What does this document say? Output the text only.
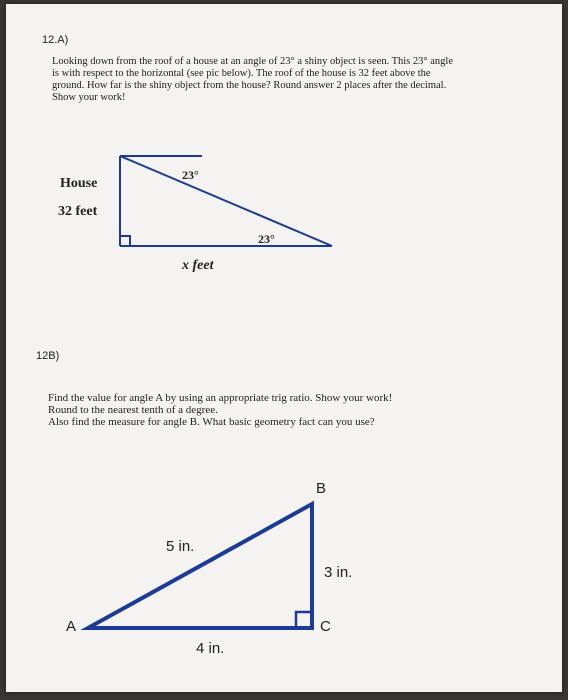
12.A)
Looking down from the roof of a house at an angle of 23° a shiny object is seen. This 23° angle
is with respect to the horizontal (see pic below). The roof of the house is 32 feet above the
ground. How far is the shiny object from the house? Round answer 2 places after the decimal.
Show your work!
House
32 feet
23°
23°
x feet
12B)
Find the value for angle A by using an appropriate trig ratio. Show your work!
Round to the nearest tenth of a degree.
Also find the measure for angle B. What basic geometry fact can you use?
A
B
C
5 in.
3 in.
4 in.
